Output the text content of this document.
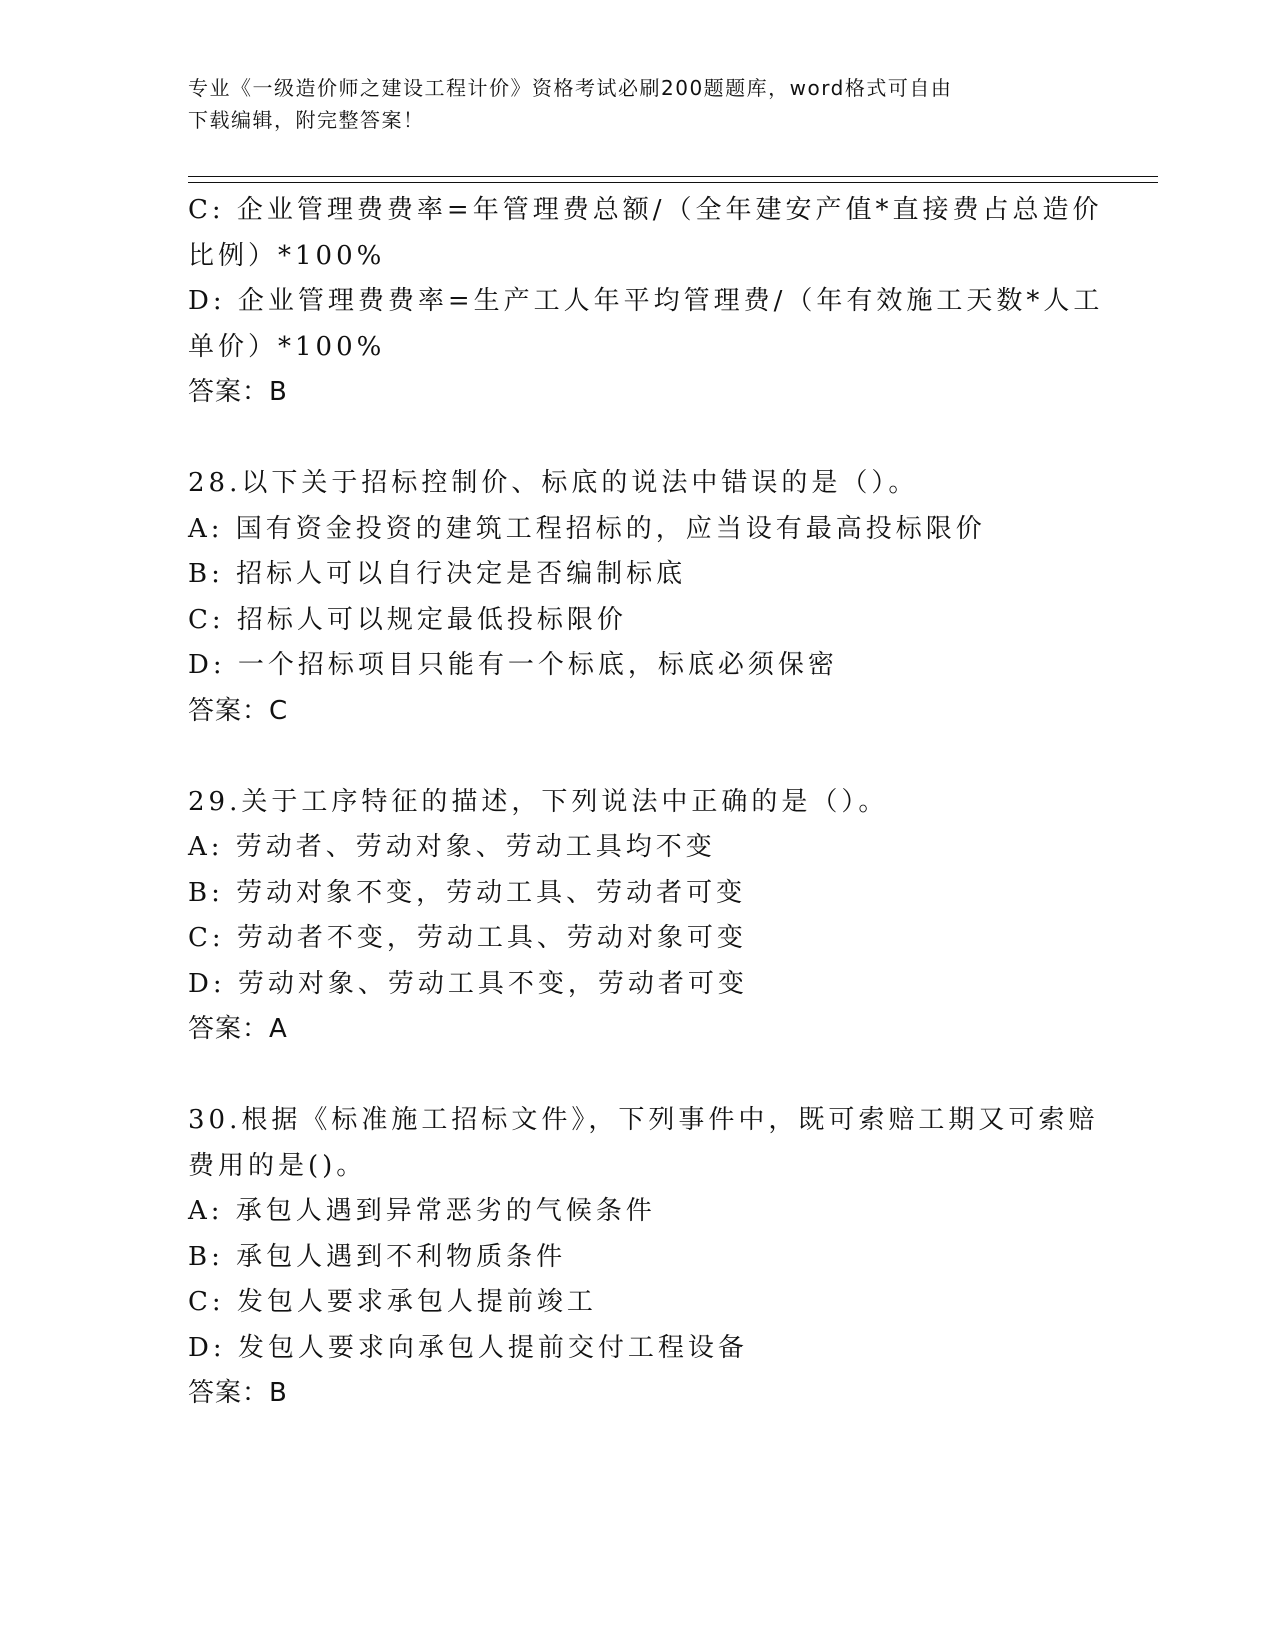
专业《一级造价师之建设工程计价》资格考试必刷200题题库，word格式可自由
下载编辑，附完整答案！
C: 企业管理费费率=年管理费总额/（全年建安产值*直接费占总造价
比例）*100%
D: 企业管理费费率=生产工人年平均管理费/（年有效施工天数*人工
单价）*100%
答案：B
28.以下关于招标控制价、标底的说法中错误的是（）。
A: 国有资金投资的建筑工程招标的，应当设有最高投标限价
B: 招标人可以自行决定是否编制标底
C: 招标人可以规定最低投标限价
D: 一个招标项目只能有一个标底，标底必须保密
答案：C
29.关于工序特征的描述，下列说法中正确的是（）。
A: 劳动者、劳动对象、劳动工具均不变
B: 劳动对象不变，劳动工具、劳动者可变
C: 劳动者不变，劳动工具、劳动对象可变
D: 劳动对象、劳动工具不变，劳动者可变
答案：A
30.根据《标准施工招标文件》，下列事件中，既可索赔工期又可索赔
费用的是()。
A: 承包人遇到异常恶劣的气候条件
B: 承包人遇到不利物质条件
C: 发包人要求承包人提前竣工
D: 发包人要求向承包人提前交付工程设备
答案：B
